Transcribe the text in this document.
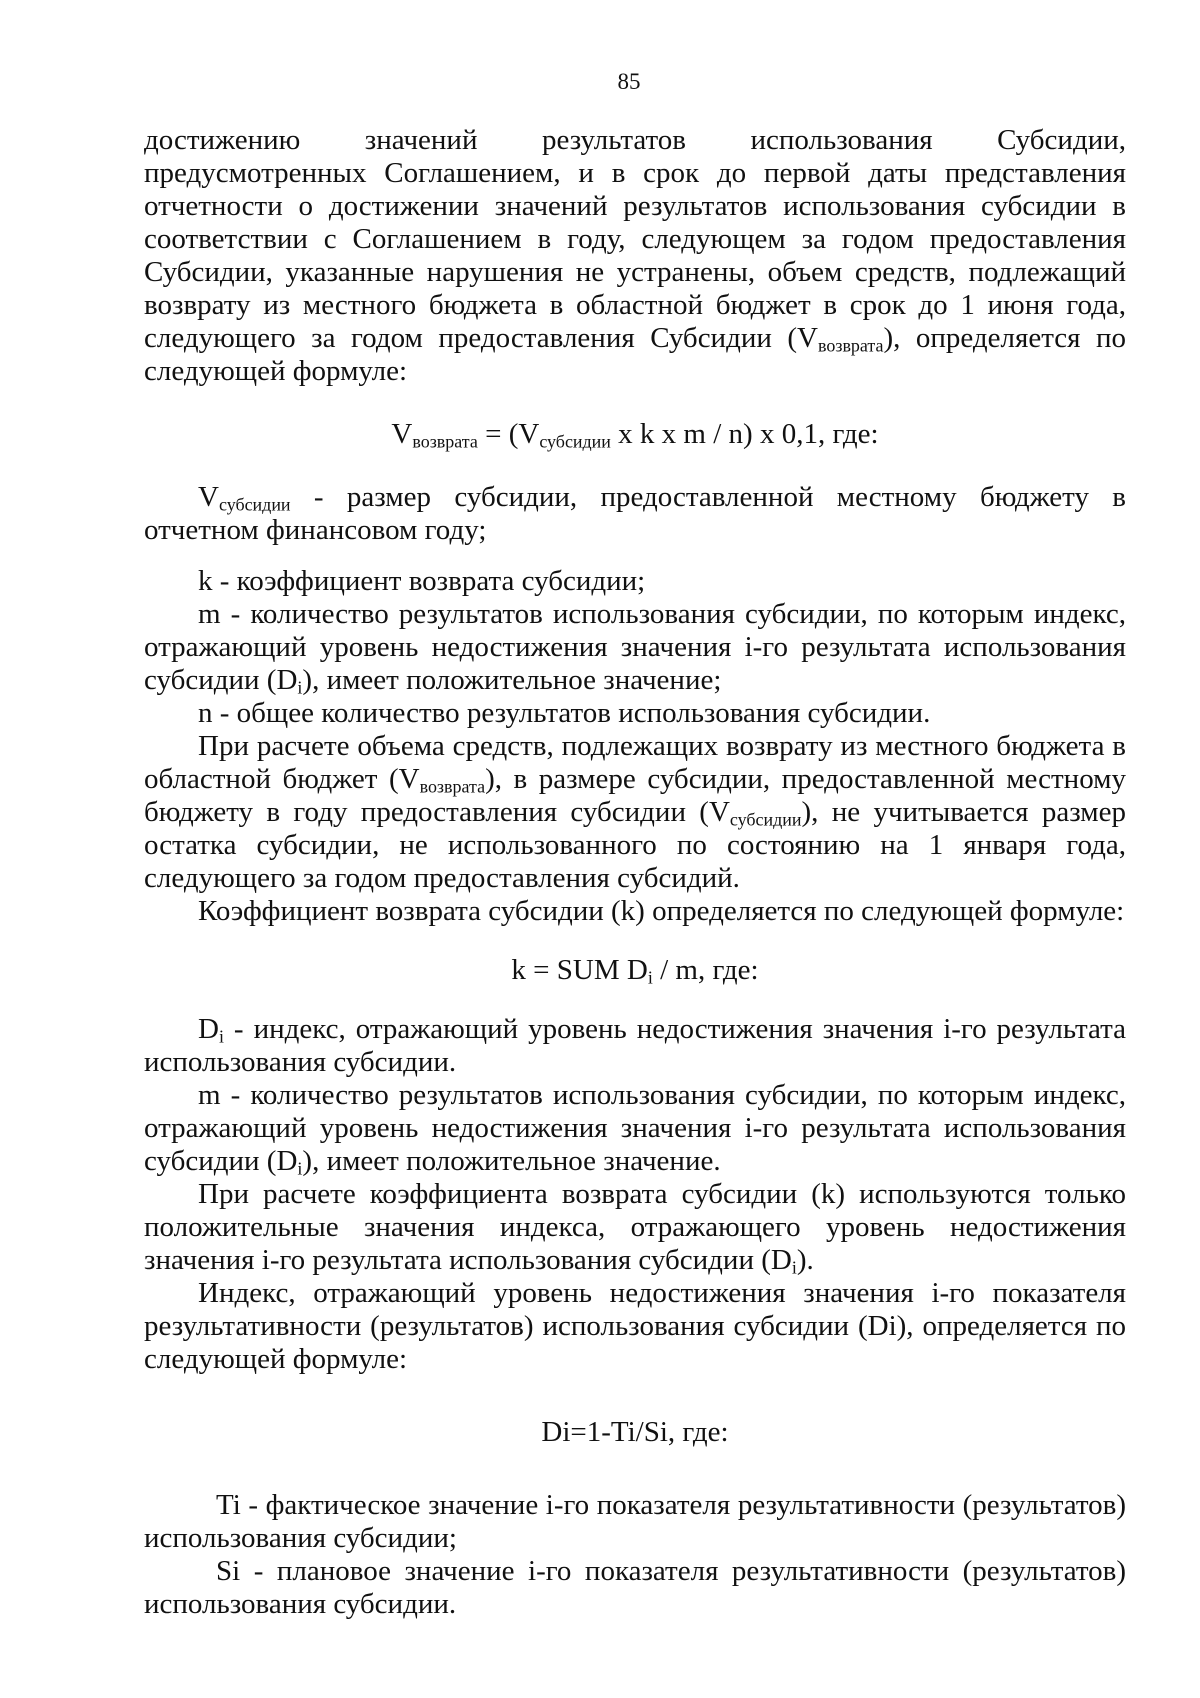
85

достижению значений результатов использования Субсидии, предусмотренных Соглашением, и в срок до первой даты представления отчетности о достижении значений результатов использования субсидии в соответствии с Соглашением в году, следующем за годом предоставления Субсидии, указанные нарушения не устранены, объем средств, подлежащий возврату из местного бюджета в областной бюджет в срок до 1 июня года, следующего за годом предоставления Субсидии $(V_{возврата})$, определяется по следующей формуле:

$V_{возврата} = (V_{субсидии}$ x k x m / n) x 0,1, где:

$V_{субсидии}$ - размер субсидии, предоставленной местному бюджету в отчетном финансовом году;

k - коэффициент возврата субсидии;

m - количество результатов использования субсидии, по которым индекс, отражающий уровень недостижения значения i-го результата использования субсидии $(D_i)$, имеет положительное значение;

n - общее количество результатов использования субсидии.

При расчете объема средств, подлежащих возврату из местного бюджета в областной бюджет $(V_{возврата})$, в размере субсидии, предоставленной местному бюджету в году предоставления субсидии $(V_{субсидии})$, не учитывается размер остатка субсидии, не использованного по состоянию на 1 января года, следующего за годом предоставления субсидий.

Коэффициент возврата субсидии (k) определяется по следующей формуле:

k = SUM $D_i$ / m, где:

$D_i$ - индекс, отражающий уровень недостижения значения i-го результата использования субсидии.

m - количество результатов использования субсидии, по которым индекс, отражающий уровень недостижения значения i-го результата использования субсидии $(D_i)$, имеет положительное значение.

При расчете коэффициента возврата субсидии (k) используются только положительные значения индекса, отражающего уровень недостижения значения i-го результата использования субсидии $(D_i)$.

Индекс, отражающий уровень недостижения значения i-го показателя результативности (результатов) использования субсидии (Di), определяется по следующей формуле:

Di=1-Ti/Si, где:

Ti - фактическое значение i-го показателя результативности (результатов) использования субсидии;

Si - плановое значение i-го показателя результативности (результатов) использования субсидии.
